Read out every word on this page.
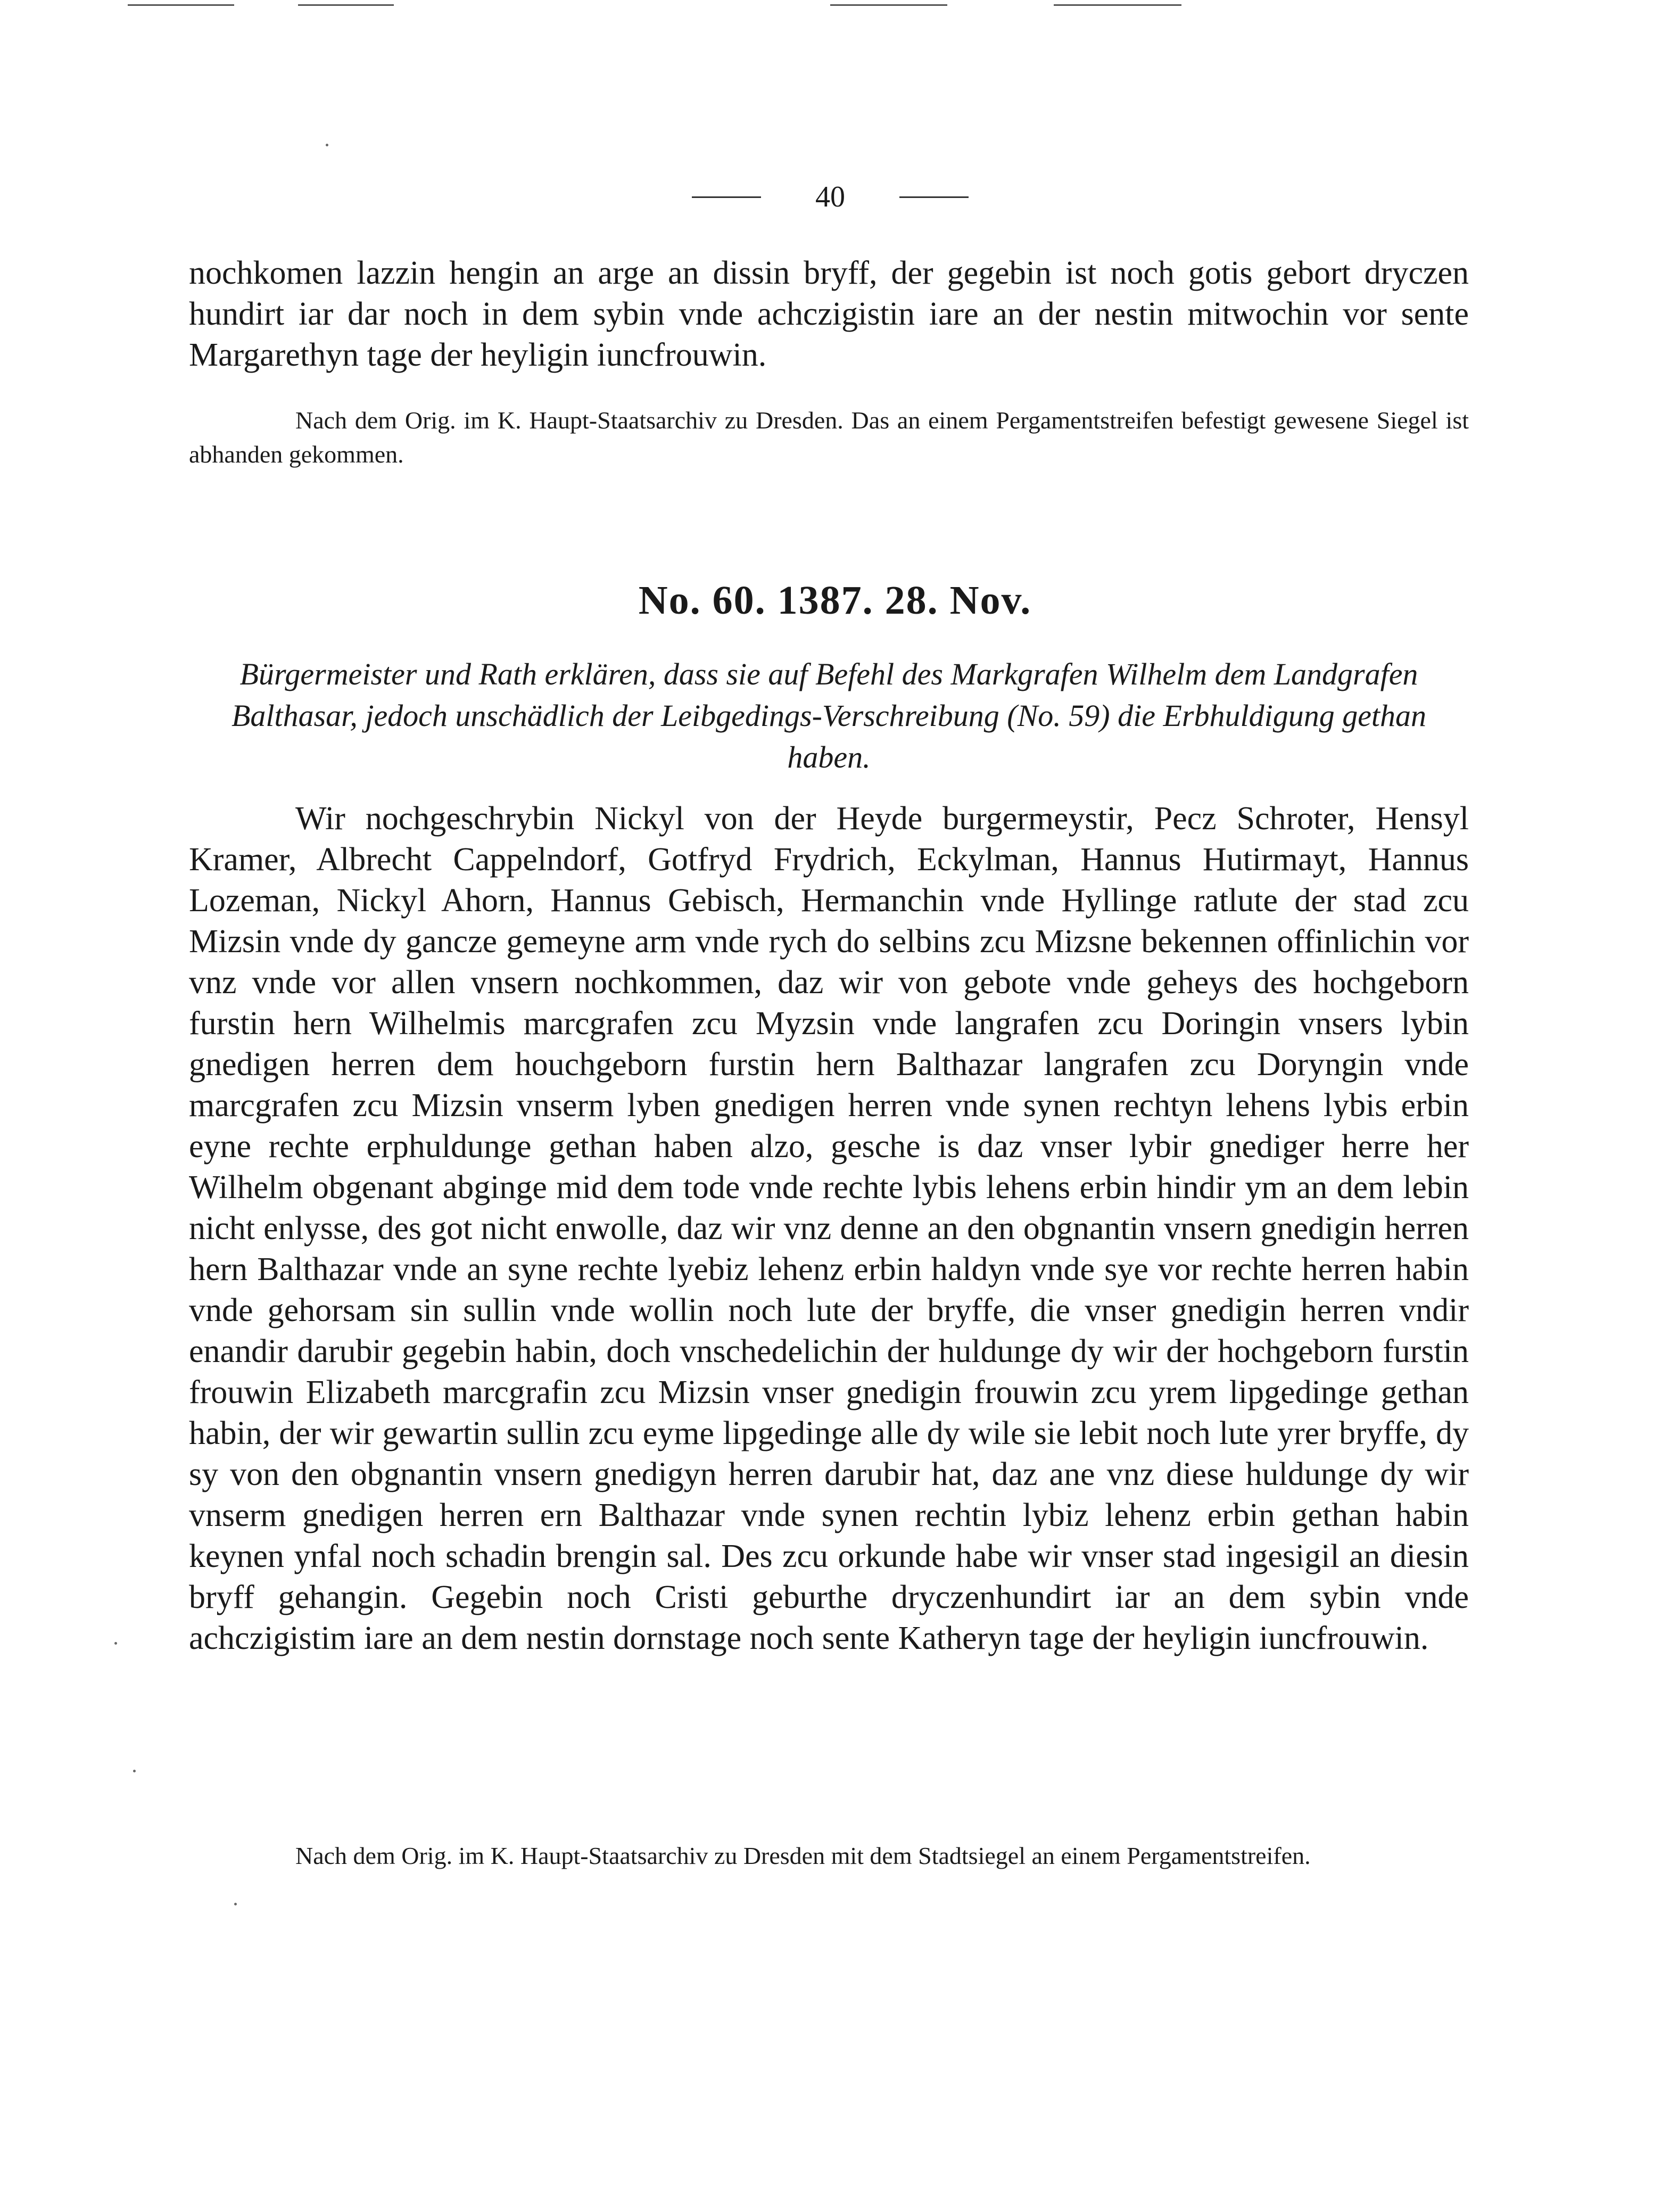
40

nochkomen lazzin hengin an arge an dissin bryff, der gegebin ist noch gotis gebort dryczen hundirt iar dar noch in dem sybin vnde achczigistin iare an der nestin mitwochin vor sente Margarethyn tage der heyligin iuncfrouwin.

Nach dem Orig. im K. Haupt-Staatsarchiv zu Dresden. Das an einem Pergamentstreifen befestigt gewesene Siegel ist abhanden gekommen.

No. 60. 1387. 28. Nov.

Bürgermeister und Rath erklären, dass sie auf Befehl des Markgrafen Wilhelm dem Landgrafen Balthasar, jedoch unschädlich der Leibgedings-Verschreibung (No. 59) die Erbhuldigung gethan haben.

Wir nochgeschrybin Nickyl von der Heyde burgermeystir, Pecz Schroter, Hensyl Kramer, Albrecht Cappelndorf, Gotfryd Frydrich, Eckylman, Hannus Hutirmayt, Hannus Lozeman, Nickyl Ahorn, Hannus Gebisch, Hermanchin vnde Hyllinge ratlute der stad zcu Mizsin vnde dy gancze gemeyne arm vnde rych do selbins zcu Mizsne bekennen offinlichin vor vnz vnde vor allen vnsern nochkommen, daz wir von gebote vnde geheys des hochgeborn furstin hern Wilhelmis marcgrafen zcu Myzsin vnde langrafen zcu Doringin vnsers lybin gnedigen herren dem houchgeborn furstin hern Balthazar langrafen zcu Doryngin vnde marcgrafen zcu Mizsin vnserm lyben gnedigen herren vnde synen rechtyn lehens lybis erbin eyne rechte erphuldunge gethan haben alzo, gesche is daz vnser lybir gnediger herre her Wilhelm obgenant abginge mid dem tode vnde rechte lybis lehens erbin hindir ym an dem lebin nicht enlysse, des got nicht enwolle, daz wir vnz denne an den obgnantin vnsern gnedigin herren hern Balthazar vnde an syne rechte lyebiz lehenz erbin haldyn vnde sye vor rechte herren habin vnde gehorsam sin sullin vnde wollin noch lute der bryffe, die vnser gnedigin herren vndir enandir darubir gegebin habin, doch vnschedelichin der huldunge dy wir der hochgeborn furstin frouwin Elizabeth marcgrafin zcu Mizsin vnser gnedigin frouwin zcu yrem lipgedinge gethan habin, der wir gewartin sullin zcu eyme lipgedinge alle dy wile sie lebit noch lute yrer bryffe, dy sy von den obgnantin vnsern gnedigyn herren darubir hat, daz ane vnz diese huldunge dy wir vnserm gnedigen herren ern Balthazar vnde synen rechtin lybiz lehenz erbin gethan habin keynen ynfal noch schadin brengin sal. Des zcu orkunde habe wir vnser stad ingesigil an diesin bryff gehangin. Gegebin noch Cristi geburthe dryczenhundirt iar an dem sybin vnde achczigistim iare an dem nestin dornstage noch sente Katheryn tage der heyligin iuncfrouwin.

Nach dem Orig. im K. Haupt-Staatsarchiv zu Dresden mit dem Stadtsiegel an einem Pergamentstreifen.
